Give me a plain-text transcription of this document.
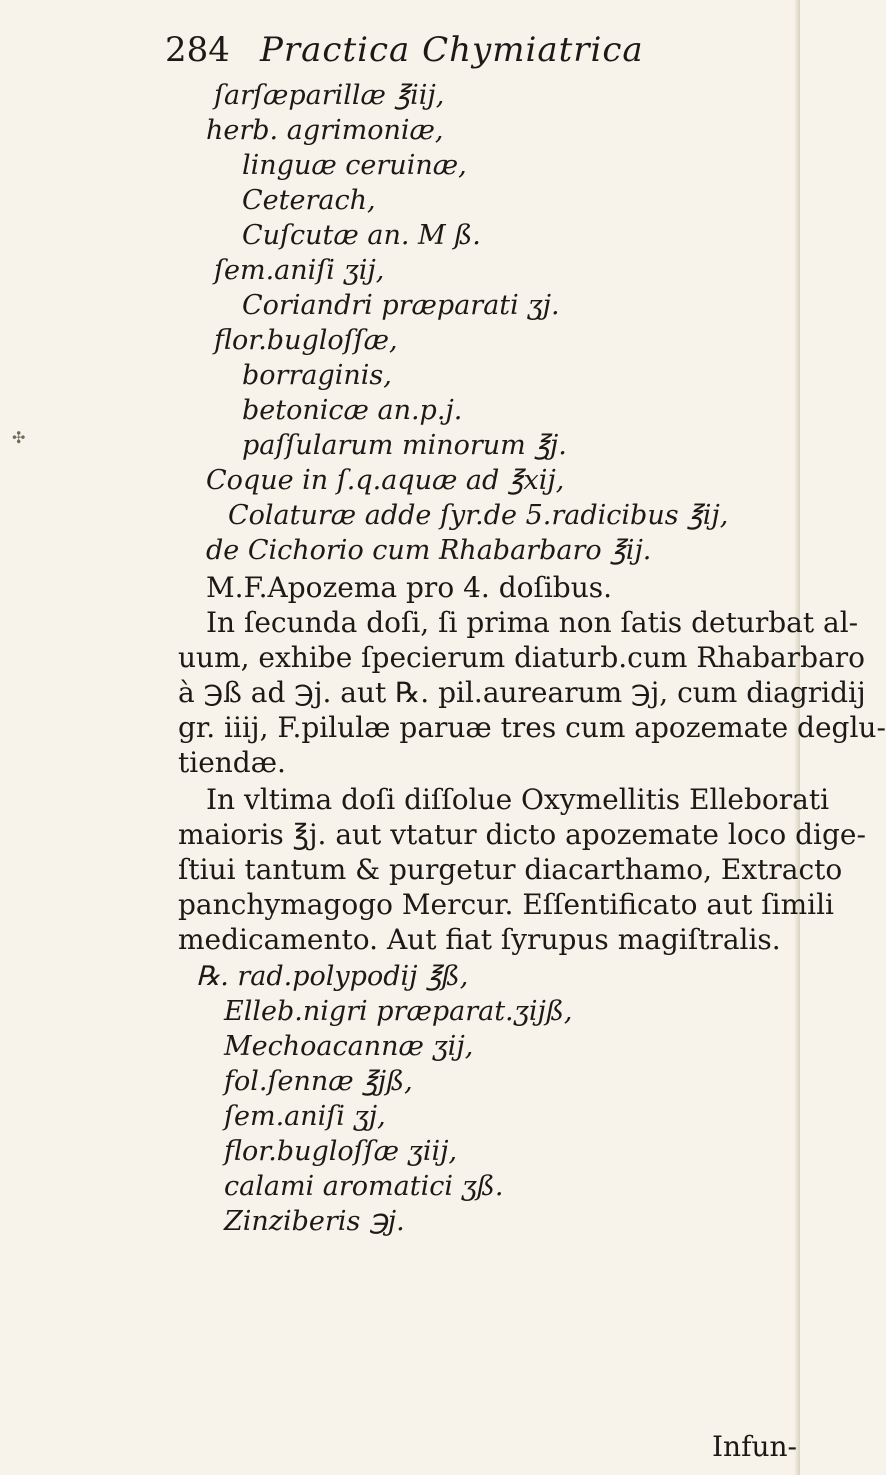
284 Practica Chymiatrica
✣
ſarſæparillæ ℥iij,
herb. agrimoniæ,
linguæ ceruinæ,
Ceterach,
Cuſcutæ an. M ß.
ſem.aniſi ʒij,
Coriandri præparati ʒj.
flor.bugloſſæ,
borraginis,
betonicæ an.p.j.
paſſularum minorum ℥j.
Coque in ſ.q.aquæ ad ℥xij,
Colaturæ adde ſyr.de 5.radicibus ℥ij,
de Cichorio cum Rhabarbaro ℥ij.
M.F.Apozema pro 4. doſibus.
In ſecunda doſi, ſi prima non ſatis deturbat al-
uum, exhibe ſpecierum diaturb.cum Rhabarbaro
à ℈ß ad ℈j. aut ℞. pil.aurearum ℈j, cum diagridij
gr. iiij, F.pilulæ paruæ tres cum apozemate deglu-
tiendæ.
In vltima doſi diſſolue Oxymellitis Elleborati
maioris ℥j. aut vtatur dicto apozemate loco dige-
ſtiui tantum & purgetur diacarthamo, Extracto
panchymagogo Mercur. Eſſentificato aut ſimili
medicamento. Aut fiat ſyrupus magiſtralis.
℞. rad.polypodij ℥ß,
Elleb.nigri præparat.ʒijß,
Mechoacannæ ʒij,
fol.ſennæ ℥jß,
ſem.aniſi ʒj,
flor.bugloſſæ ʒiij,
calami aromatici ʒß.
Zinziberis ℈j.
Infun-
